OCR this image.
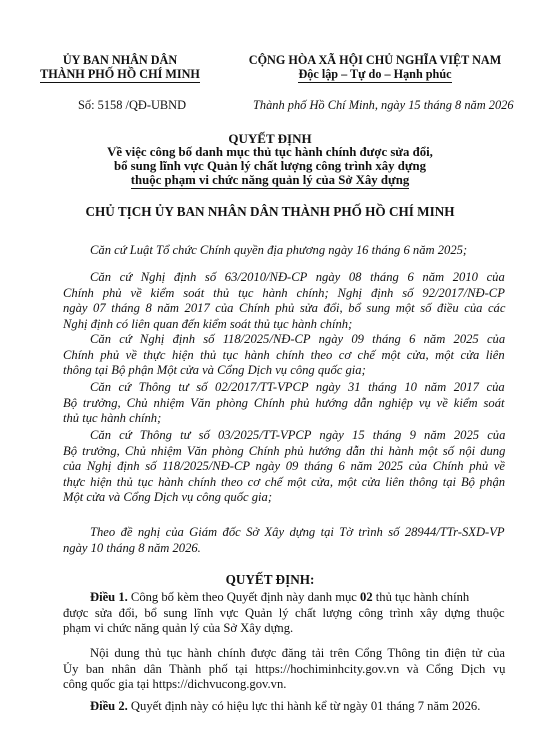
ỦY BAN NHÂN DÂN
THÀNH PHỐ HỒ CHÍ MINH
CỘNG HÒA XÃ HỘI CHỦ NGHĨA VIỆT NAM
Độc lập – Tự do – Hạnh phúc
Số: 5158 /QĐ-UBND	Thành phố Hồ Chí Minh, ngày 15 tháng 8 năm 2026
QUYẾT ĐỊNH
Về việc công bố danh mục thủ tục hành chính được sửa đổi,
bổ sung lĩnh vực Quản lý chất lượng công trình xây dựng
thuộc phạm vi chức năng quản lý của Sở Xây dựng
CHỦ TỊCH ỦY BAN NHÂN DÂN THÀNH PHỐ HỒ CHÍ MINH
Căn cứ Luật Tổ chức Chính quyền địa phương ngày 16 tháng 6 năm 2025;
Căn cứ Nghị định số 63/2010/NĐ-CP ngày 08 tháng 6 năm 2010 của
Chính phủ về kiểm soát thủ tục hành chính; Nghị định số 92/2017/NĐ-CP
ngày 07 tháng 8 năm 2017 của Chính phủ sửa đổi, bổ sung một số điều của các
Nghị định có liên quan đến kiểm soát thủ tục hành chính;
Căn cứ Nghị định số 118/2025/NĐ-CP ngày 09 tháng 6 năm 2025 của
Chính phủ về thực hiện thủ tục hành chính theo cơ chế một cửa, một cửa liên
thông tại Bộ phận Một cửa và Cổng Dịch vụ công quốc gia;
Căn cứ Thông tư số 02/2017/TT-VPCP ngày 31 tháng 10 năm 2017 của
Bộ trưởng, Chủ nhiệm Văn phòng Chính phủ hướng dẫn nghiệp vụ về kiểm soát
thủ tục hành chính;
Căn cứ Thông tư số 03/2025/TT-VPCP ngày 15 tháng 9 năm 2025 của
Bộ trưởng, Chủ nhiệm Văn phòng Chính phủ hướng dẫn thi hành một số nội dung
của Nghị định số 118/2025/NĐ-CP ngày 09 tháng 6 năm 2025 của Chính phủ về
thực hiện thủ tục hành chính theo cơ chế một cửa, một cửa liên thông tại Bộ phận
Một cửa và Cổng Dịch vụ công quốc gia;
Theo đề nghị của Giám đốc Sở Xây dựng tại Tờ trình số 28944/TTr-SXD-VP
ngày 10 tháng 8 năm 2026.
QUYẾT ĐỊNH:
Điều 1. Công bố kèm theo Quyết định này danh mục 02 thủ tục hành chính
được sửa đổi, bổ sung lĩnh vực Quản lý chất lượng công trình xây dựng thuộc
phạm vi chức năng quản lý của Sở Xây dựng.
Nội dung thủ tục hành chính được đăng tải trên Cổng Thông tin điện tử của
Ủy ban nhân dân Thành phố tại https://hochiminhcity.gov.vn và Cổng Dịch vụ
công quốc gia tại https://dichvucong.gov.vn.
Điều 2. Quyết định này có hiệu lực thi hành kể từ ngày 01 tháng 7 năm 2026.
